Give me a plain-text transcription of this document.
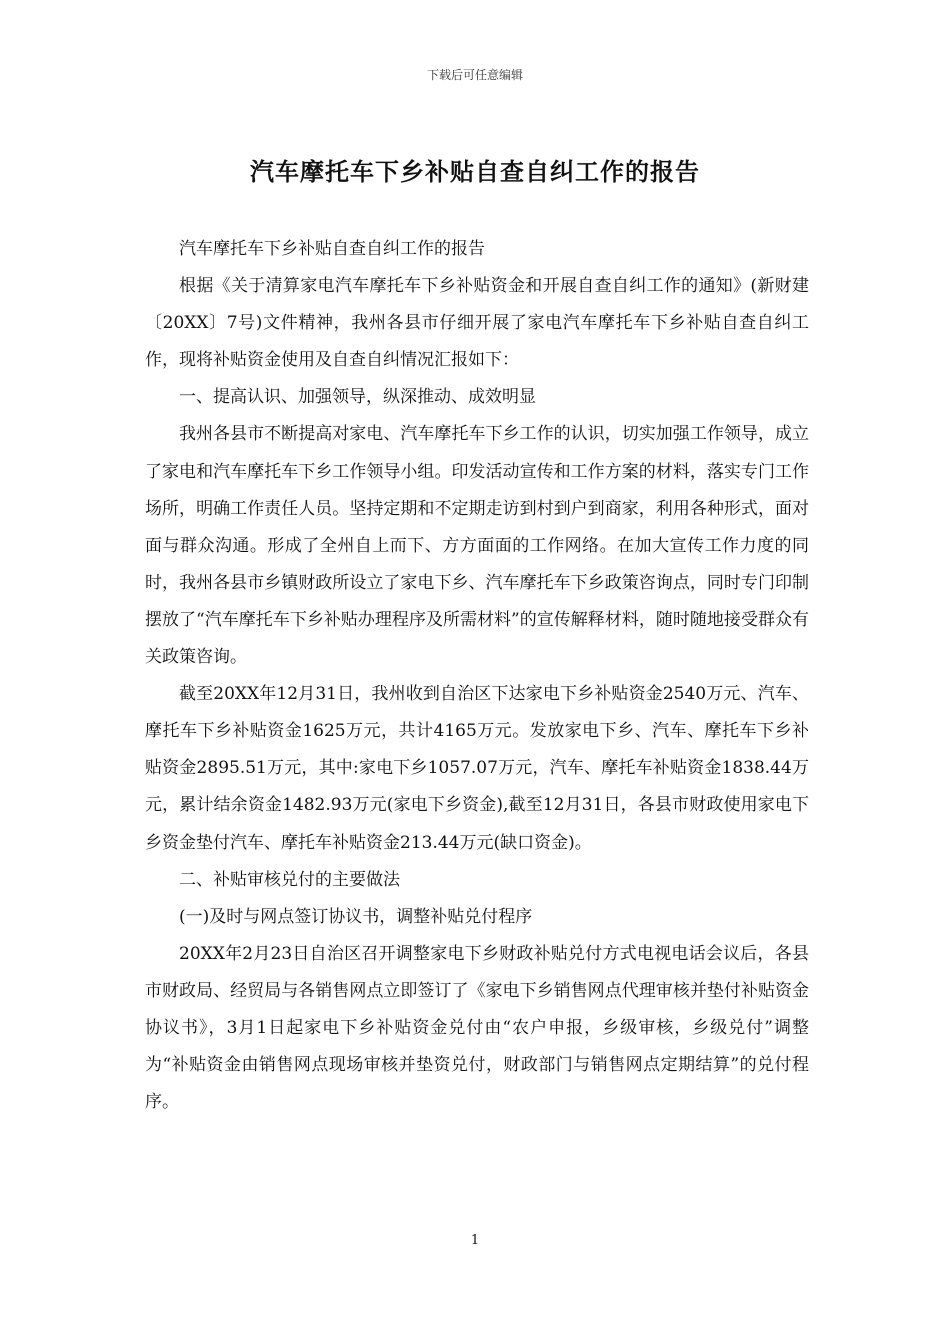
下载后可任意编辑
汽车摩托车下乡补贴自查自纠工作的报告

汽车摩托车下乡补贴自查自纠工作的报告

根据《关于清算家电汽车摩托车下乡补贴资金和开展自查自纠工作的通知》(新财建〔20XX〕7号)文件精神，我州各县市仔细开展了家电汽车摩托车下乡补贴自查自纠工作，现将补贴资金使用及自查自纠情况汇报如下：

一、提高认识、加强领导，纵深推动、成效明显

我州各县市不断提高对家电、汽车摩托车下乡工作的认识，切实加强工作领导，成立了家电和汽车摩托车下乡工作领导小组。印发活动宣传和工作方案的材料，落实专门工作场所，明确工作责任人员。坚持定期和不定期走访到村到户到商家，利用各种形式，面对面与群众沟通。形成了全州自上而下、方方面面的工作网络。在加大宣传工作力度的同时，我州各县市乡镇财政所设立了家电下乡、汽车摩托车下乡政策咨询点，同时专门印制摆放了“汽车摩托车下乡补贴办理程序及所需材料”的宣传解释材料，随时随地接受群众有关政策咨询。

截至20XX年12月31日，我州收到自治区下达家电下乡补贴资金2540万元、汽车、摩托车下乡补贴资金1625万元，共计4165万元。发放家电下乡、汽车、摩托车下乡补贴资金2895.51万元，其中:家电下乡1057.07万元，汽车、摩托车补贴资金1838.44万元，累计结余资金1482.93万元(家电下乡资金),截至12月31日，各县市财政使用家电下乡资金垫付汽车、摩托车补贴资金213.44万元(缺口资金)。

二、补贴审核兑付的主要做法

(一)及时与网点签订协议书，调整补贴兑付程序

20XX年2月23日自治区召开调整家电下乡财政补贴兑付方式电视电话会议后，各县市财政局、经贸局与各销售网点立即签订了《家电下乡销售网点代理审核并垫付补贴资金协议书》，3月1日起家电下乡补贴资金兑付由“农户申报，乡级审核，乡级兑付”调整为“补贴资金由销售网点现场审核并垫资兑付，财政部门与销售网点定期结算”的兑付程序。

1
